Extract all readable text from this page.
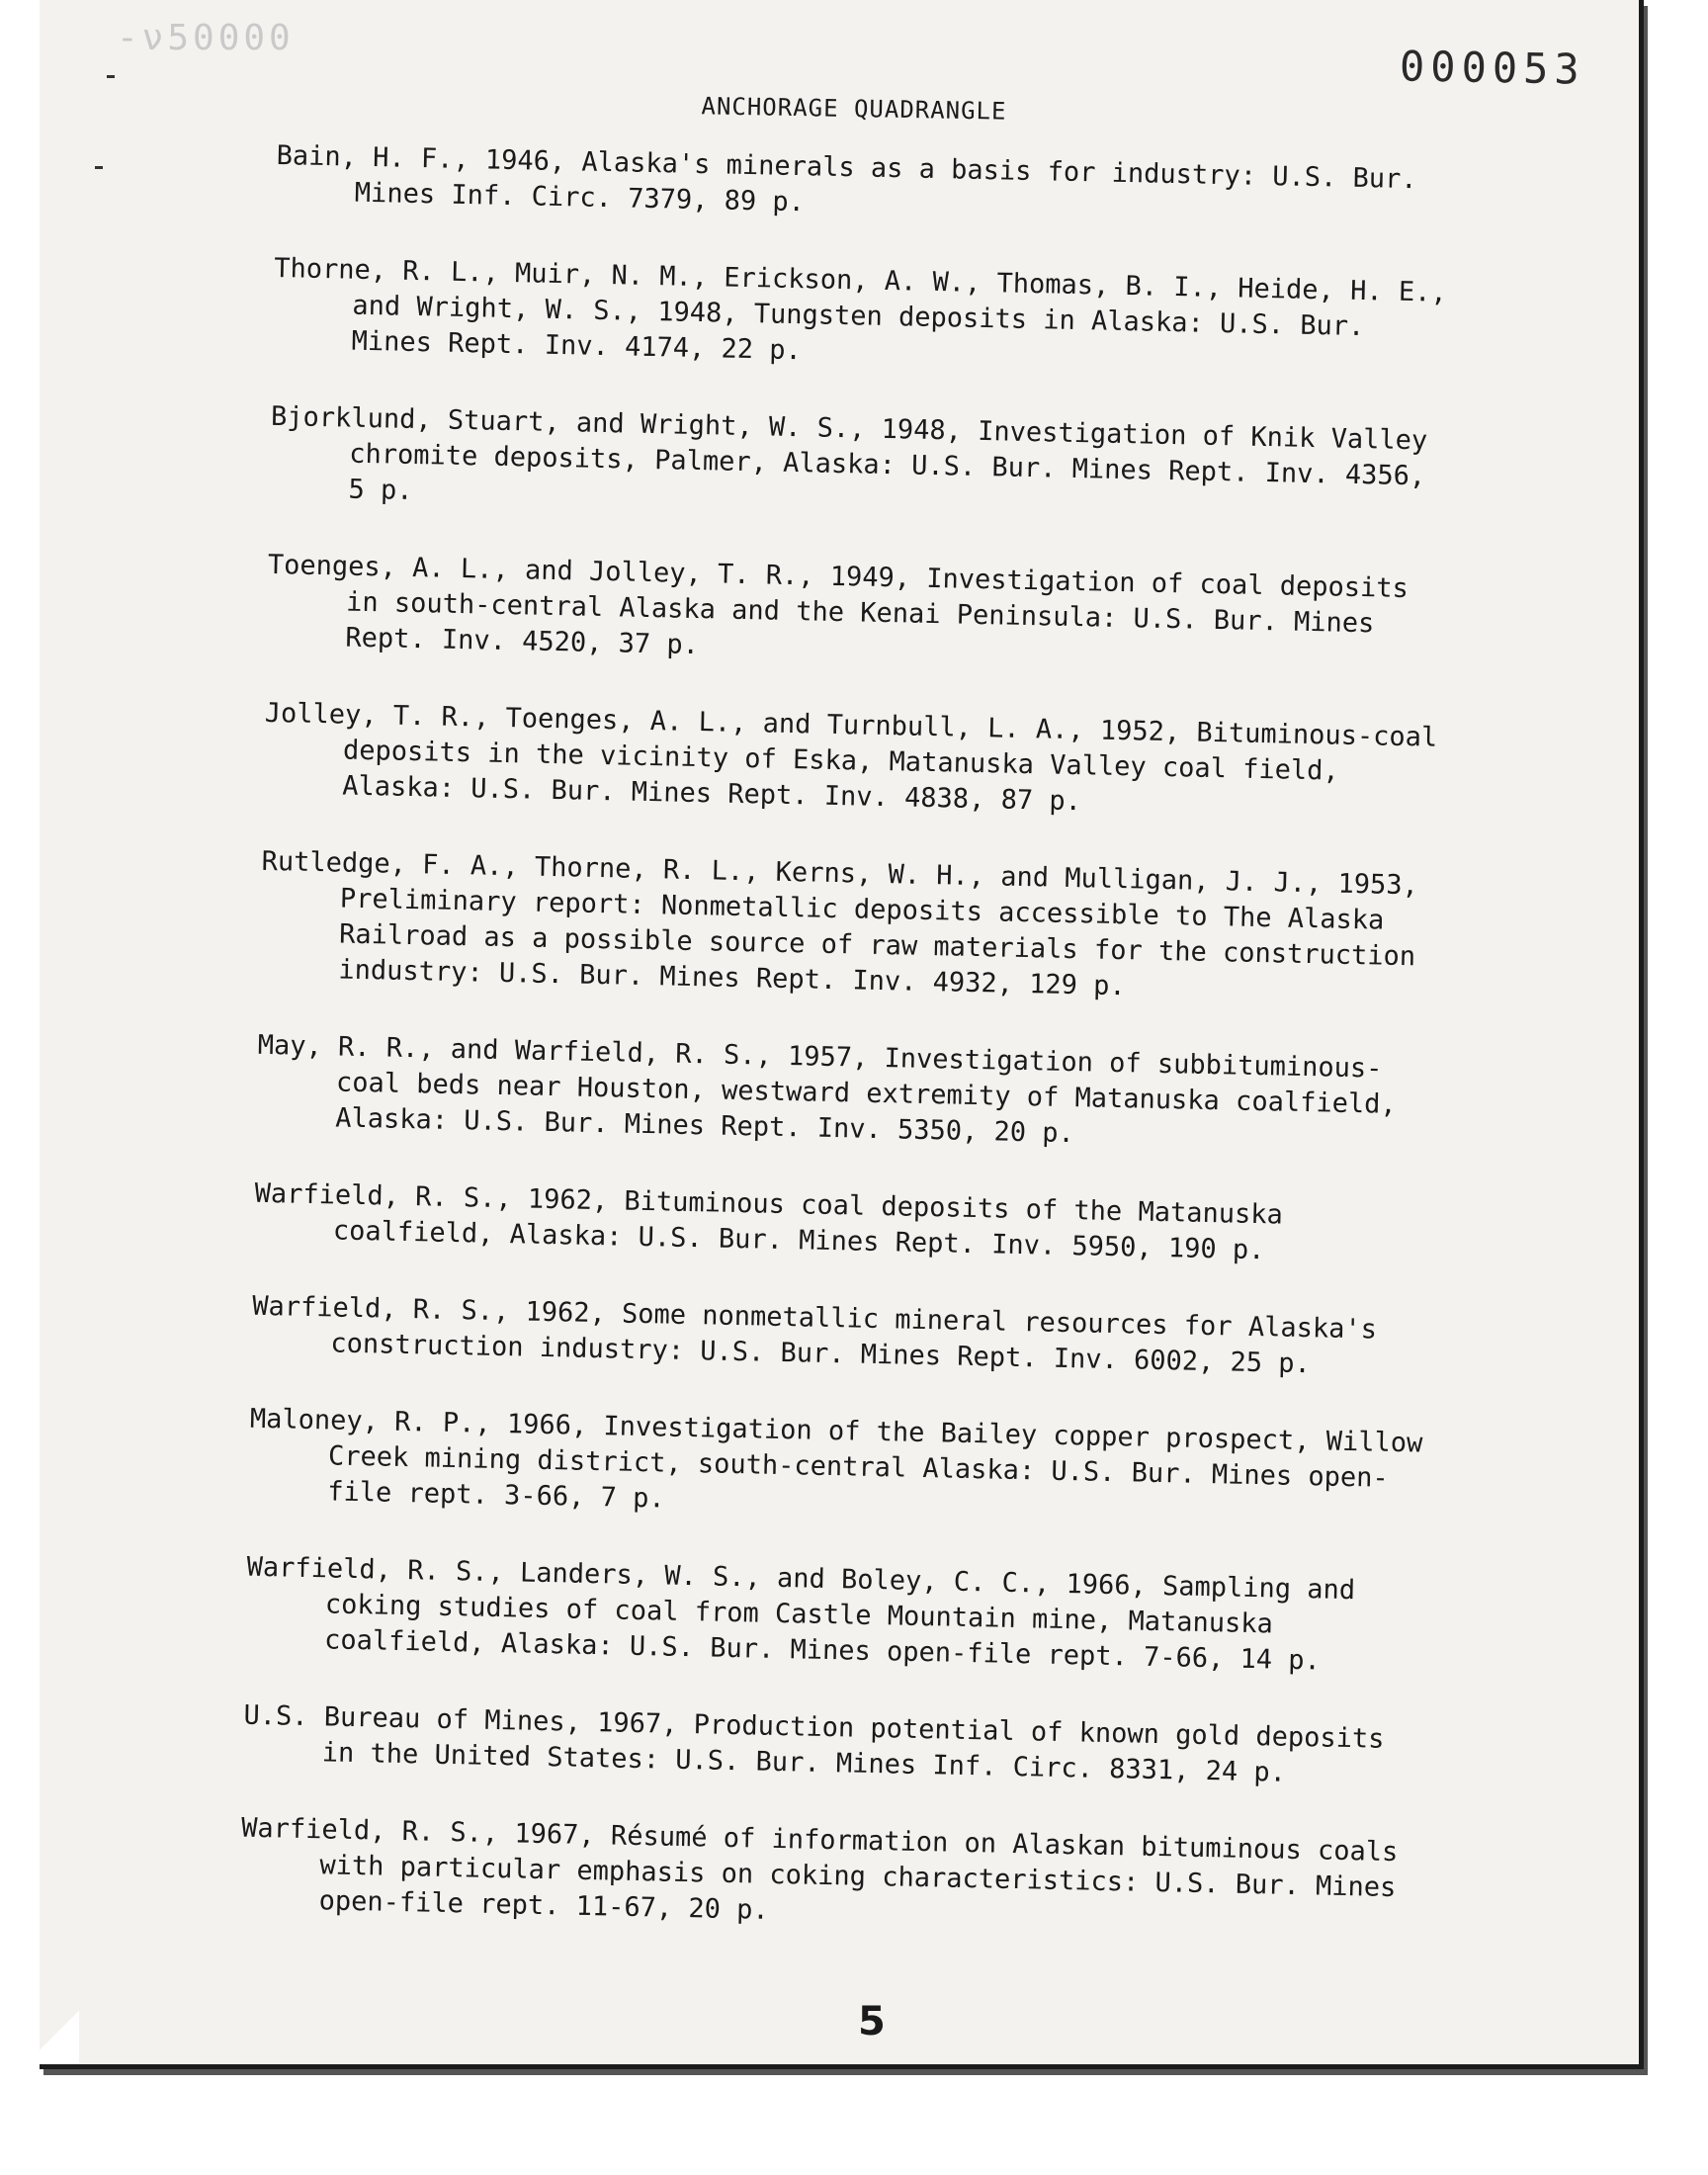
-ν50000
000053
ANCHORAGE QUADRANGLE

Bain, H. F., 1946, Alaska's minerals as a basis for industry: U.S. Bur. Mines Inf. Circ. 7379, 89 p.

Thorne, R. L., Muir, N. M., Erickson, A. W., Thomas, B. I., Heide, H. E., and Wright, W. S., 1948, Tungsten deposits in Alaska: U.S. Bur. Mines Rept. Inv. 4174, 22 p.

Bjorklund, Stuart, and Wright, W. S., 1948, Investigation of Knik Valley chromite deposits, Palmer, Alaska: U.S. Bur. Mines Rept. Inv. 4356, 5 p.

Toenges, A. L., and Jolley, T. R., 1949, Investigation of coal deposits in south-central Alaska and the Kenai Peninsula: U.S. Bur. Mines Rept. Inv. 4520, 37 p.

Jolley, T. R., Toenges, A. L., and Turnbull, L. A., 1952, Bituminous-coal deposits in the vicinity of Eska, Matanuska Valley coal field, Alaska: U.S. Bur. Mines Rept. Inv. 4838, 87 p.

Rutledge, F. A., Thorne, R. L., Kerns, W. H., and Mulligan, J. J., 1953, Preliminary report: Nonmetallic deposits accessible to The Alaska Railroad as a possible source of raw materials for the construction industry: U.S. Bur. Mines Rept. Inv. 4932, 129 p.

May, R. R., and Warfield, R. S., 1957, Investigation of subbituminous-coal beds near Houston, westward extremity of Matanuska coalfield, Alaska: U.S. Bur. Mines Rept. Inv. 5350, 20 p.

Warfield, R. S., 1962, Bituminous coal deposits of the Matanuska coalfield, Alaska: U.S. Bur. Mines Rept. Inv. 5950, 190 p.

Warfield, R. S., 1962, Some nonmetallic mineral resources for Alaska's construction industry: U.S. Bur. Mines Rept. Inv. 6002, 25 p.

Maloney, R. P., 1966, Investigation of the Bailey copper prospect, Willow Creek mining district, south-central Alaska: U.S. Bur. Mines open-file rept. 3-66, 7 p.

Warfield, R. S., Landers, W. S., and Boley, C. C., 1966, Sampling and coking studies of coal from Castle Mountain mine, Matanuska coalfield, Alaska: U.S. Bur. Mines open-file rept. 7-66, 14 p.

U.S. Bureau of Mines, 1967, Production potential of known gold deposits in the United States: U.S. Bur. Mines Inf. Circ. 8331, 24 p.

Warfield, R. S., 1967, Résumé of information on Alaskan bituminous coals with particular emphasis on coking characteristics: U.S. Bur. Mines open-file rept. 11-67, 20 p.

5
